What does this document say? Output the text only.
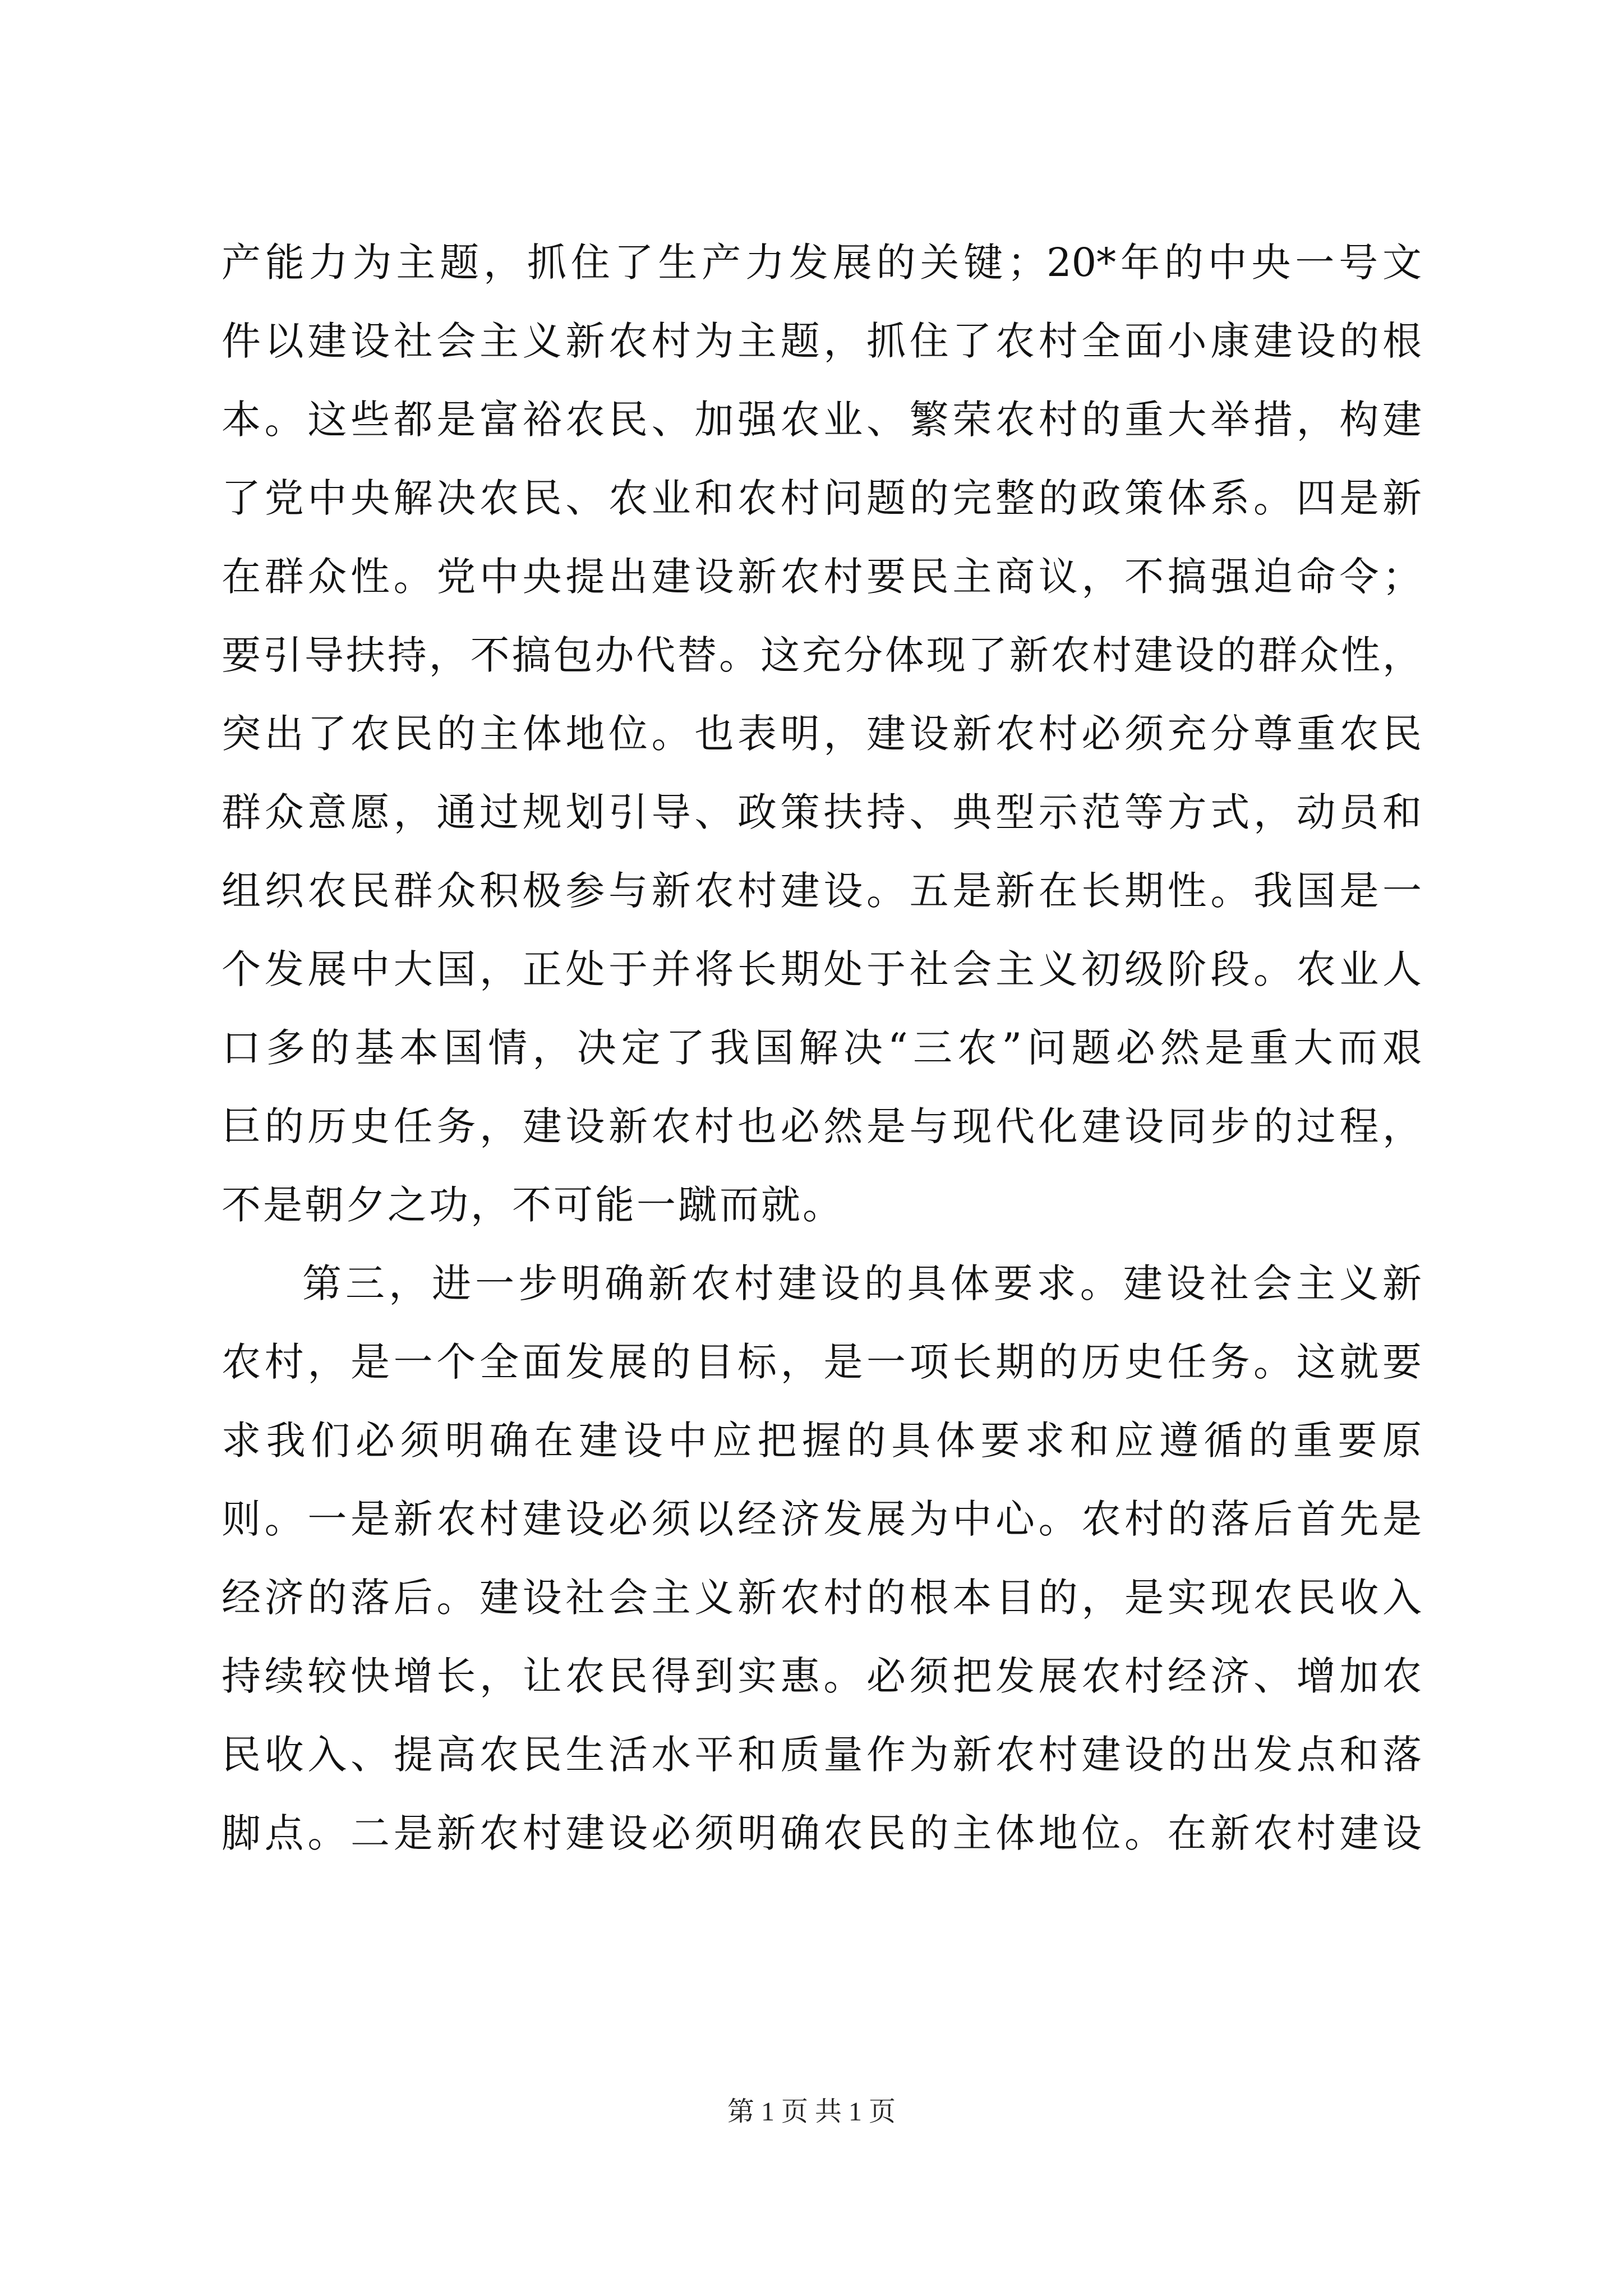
产能力为主题，抓住了生产力发展的关键；20*年的中央一号文
件以建设社会主义新农村为主题，抓住了农村全面小康建设的根
本。这些都是富裕农民、加强农业、繁荣农村的重大举措，构建
了党中央解决农民、农业和农村问题的完整的政策体系。四是新
在群众性。党中央提出建设新农村要民主商议，不搞强迫命令；
要引导扶持，不搞包办代替。这充分体现了新农村建设的群众性，
突出了农民的主体地位。也表明，建设新农村必须充分尊重农民
群众意愿，通过规划引导、政策扶持、典型示范等方式，动员和
组织农民群众积极参与新农村建设。五是新在长期性。我国是一
个发展中大国，正处于并将长期处于社会主义初级阶段。农业人
口多的基本国情，决定了我国解决“三农”问题必然是重大而艰
巨的历史任务，建设新农村也必然是与现代化建设同步的过程，
不是朝夕之功，不可能一蹴而就。
第三，进一步明确新农村建设的具体要求。建设社会主义新
农村，是一个全面发展的目标，是一项长期的历史任务。这就要
求我们必须明确在建设中应把握的具体要求和应遵循的重要原
则。一是新农村建设必须以经济发展为中心。农村的落后首先是
经济的落后。建设社会主义新农村的根本目的，是实现农民收入
持续较快增长，让农民得到实惠。必须把发展农村经济、增加农
民收入、提高农民生活水平和质量作为新农村建设的出发点和落
脚点。二是新农村建设必须明确农民的主体地位。在新农村建设
第 1 页 共 1 页
